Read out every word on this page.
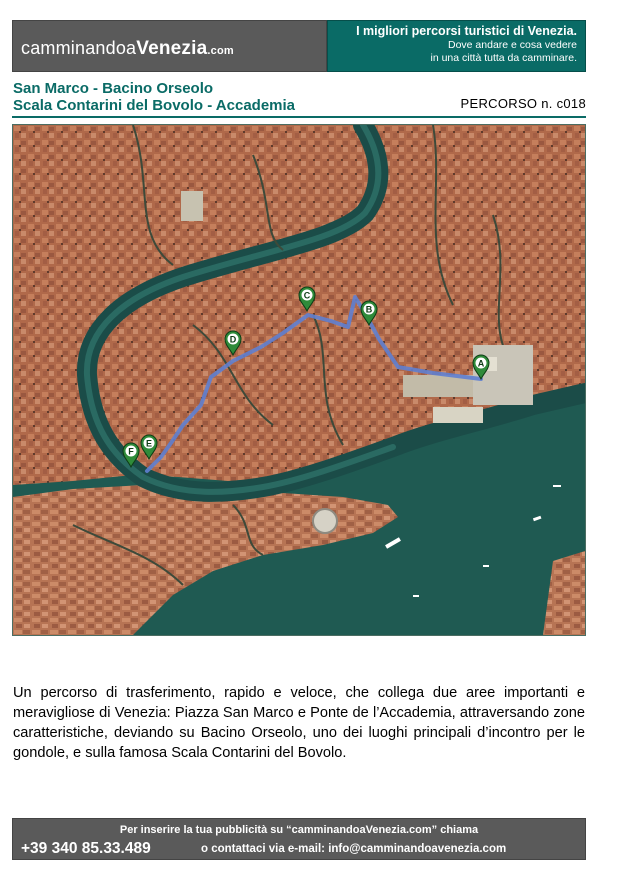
camminandoaVenezia.com
I migliori percorsi turistici di Venezia.
Dove andare e cosa vedere
in una città tutta da camminare.
San Marco - Bacino Orseolo
Scala Contarini del Bovolo - Accademia	PERCORSO n. c018
A
B
C
D
E
F

Un percorso di trasferimento, rapido e veloce, che collega due aree importanti e meravigliose di Venezia: Piazza San Marco e Ponte de l’Accademia, attraversando zone caratteristiche, deviando su Bacino Orseolo, uno dei luoghi principali d’incontro per le gondole, e sulla famosa Scala Contarini del Bovolo.

Per inserire la tua pubblicità su “camminandoaVenezia.com” chiama
+39 340 85.33.489	o contattaci via e-mail: info@camminandoavenezia.com
